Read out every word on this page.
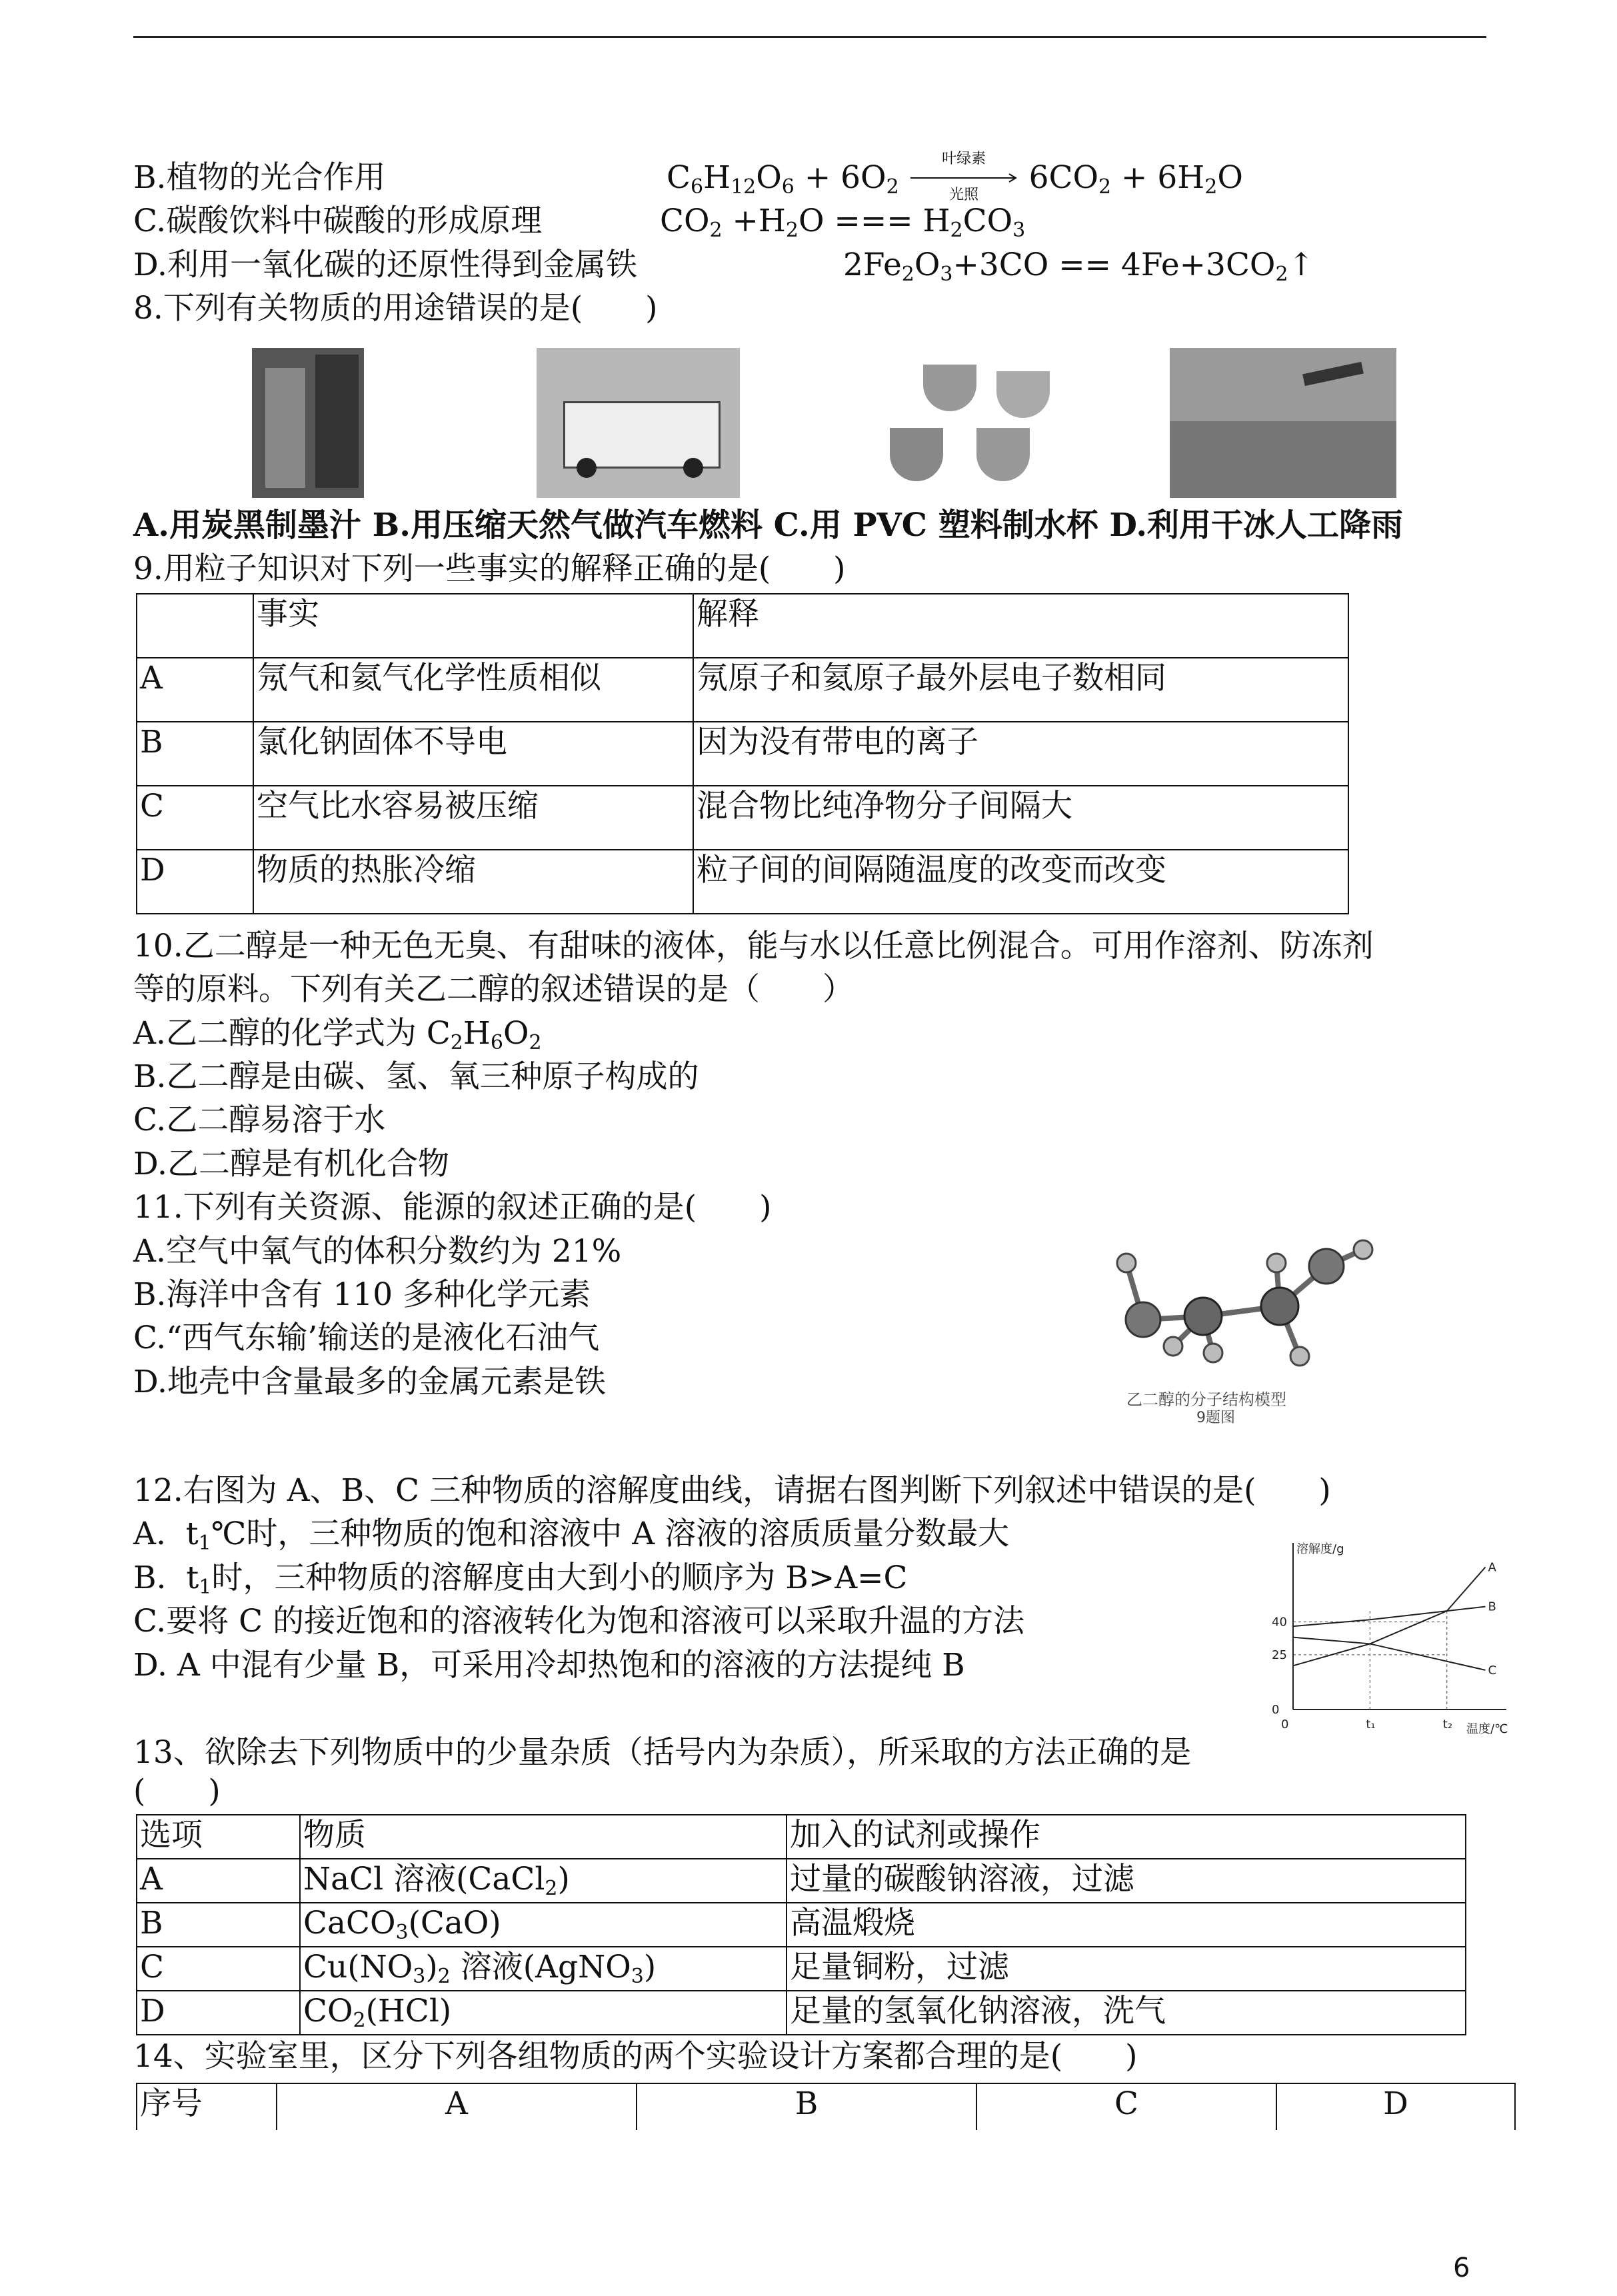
B.植物的光合作用	$C_6H_{12}O_6 + 6O_2$
叶绿素
光照	$6CO_2 + 6H_2O$
C.碳酸饮料中碳酸的形成原理	$CO_2 +H_2O$ === $H_2CO_3$
D.利用一氧化碳的还原性得到金属铁	$2Fe_2O_3+3CO$ == $4Fe+3CO_2↑$
8.下列有关物质的用途错误的是(　　)
A.用炭黑制墨汁 B.用压缩天然气做汽车燃料 C.用 PVC 塑料制水杯 D.利用干冰人工降雨
9.用粒子知识对下列一些事实的解释正确的是(　　)
	事实	解释
A	氖气和氦气化学性质相似	氖原子和氦原子最外层电子数相同
B	氯化钠固体不导电	因为没有带电的离子
C	空气比水容易被压缩	混合物比纯净物分子间隔大
D	物质的热胀冷缩	粒子间的间隔随温度的改变而改变
10.乙二醇是一种无色无臭、有甜味的液体，能与水以任意比例混合。可用作溶剂、防冻剂
等的原料。下列有关乙二醇的叙述错误的是（　　）
A.乙二醇的化学式为 $C_2H_6O_2$
B.乙二醇是由碳、氢、氧三种原子构成的
C.乙二醇易溶于水
D.乙二醇是有机化合物
11.下列有关资源、能源的叙述正确的是(　　)
A.空气中氧气的体积分数约为 21%
B.海洋中含有 110 多种化学元素
C.“西气东输’输送的是液化石油气
D.地壳中含量最多的金属元素是铁	乙二醇的分子结构模型
9题图
12.右图为 A、B、C 三种物质的溶解度曲线，请据右图判断下列叙述中错误的是(　　)
A.  $t_1℃$时，三种物质的饱和溶液中 A 溶液的溶质质量分数最大
B.  $t_1$时，三种物质的溶解度由大到小的顺序为 B>A=C
C.要将 C 的接近饱和的溶液转化为饱和溶液可以采取升温的方法
D. A 中混有少量 B，可采用冷却热饱和的溶液的方法提纯 B
溶解度/g
温度/℃
0
25
40
0	t₁	t₂
A
B
C
13、欲除去下列物质中的少量杂质（括号内为杂质），所采取的方法正确的是
(　　)
选项	物质	加入的试剂或操作
A	NaCl 溶液(CaCl$_2$)	过量的碳酸钠溶液，过滤
B	CaCO$_3$(CaO)	高温煅烧
C	$Cu(NO_3)_2$ 溶液(AgNO$_3$)	足量铜粉，过滤
D	$CO_2(HCl)$	足量的氢氧化钠溶液，洗气
14、实验室里，区分下列各组物质的两个实验设计方案都合理的是(　　)
序号	A	B	C	D
6
